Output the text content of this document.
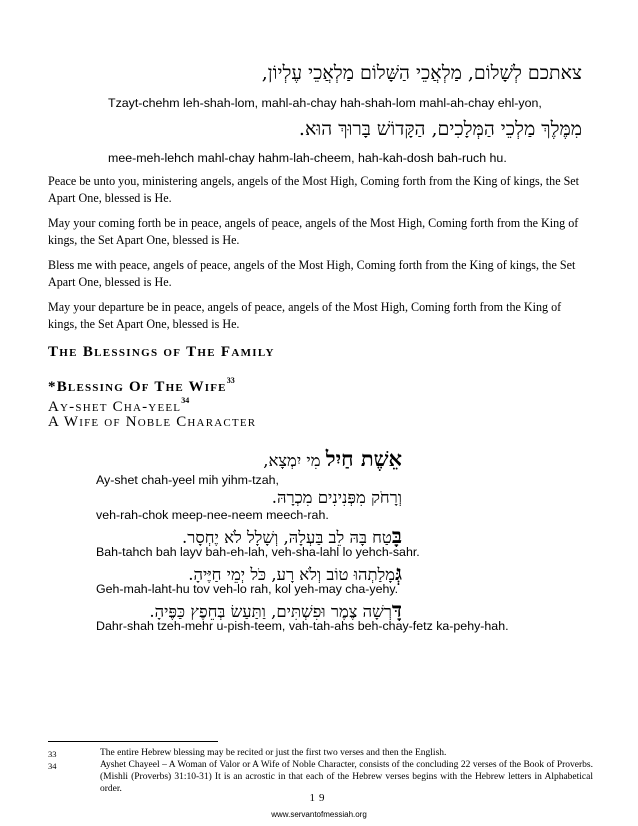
צאתכם לְשָׁלוֹם, מַלְאֲכֵי הַשָּׁלוֹם מַלְאֲכֵי עֶלְיוֹן,
Tzayt-chehm leh-shah-lom, mahl-ah-chay hah-shah-lom mahl-ah-chay ehl-yon,
מִמֶּלֶךְ מַלְכֵי הַמְּלָכִים, הַקָּדוֹשׁ בָּרוּךְ הוּא.
mee-meh-lehch mahl-chay hahm-lah-cheem, hah-kah-dosh bah-ruch hu.
Peace be unto you, ministering angels, angels of the Most High, Coming forth from the King of kings, the Set Apart One, blessed is He.
May your coming forth be in peace, angels of peace, angels of the Most High, Coming forth from the King of kings, the Set Apart One, blessed is He.
Bless me with peace, angels of peace, angels of the Most High, Coming forth from the King of kings, the Set Apart One, blessed is He.
May your departure be in peace, angels of peace, angels of the Most High, Coming forth from the King of kings, the Set Apart One, blessed is He.
The Blessings of The Family
*Blessing Of The Wife$^{33}$
Ay-shet Cha-yeel$^{34}$
A Wife of Noble Character
אֵשֶׁת חַיִל מִי יִמְצָא,
Ay-shet chah-yeel mih yihm-tzah,
וְרָחֹק מִפְּנִינִים מִכְרָהּ.
veh-rah-chok meep-nee-neem meech-rah.
בָּטַח בָּהּ לֵב בַּעְלָהּ, וְשָׁלָל לֹא יֶחְסָר.
Bah-tahch bah layv bah-eh-lah, veh-sha-lahl lo yehch-sahr.
גְּמָלַתְהוּ טוֹב וְלֹא רָע, כֹּל יְמֵי חַיֶּיהָ.
Geh-mah-laht-hu tov veh-lo rah, kol yeh-may cha-yehy.
דָּרְשָׁה צֶמֶר וּפִשְׁתִּים, וַתַּעַשׂ בְּחֵפֶץ כַּפֶּיהָ.
Dahr-shah tzeh-mehr u-pish-teem, vah-tah-ahs beh-chay-fetz ka-pehy-hah.
33	The entire Hebrew blessing may be recited or just the first two verses and then the English.
34	Ayshet Chayeel – A Woman of Valor or A Wife of Noble Character, consists of the concluding 22 verses of the Book of Proverbs. (Mishli (Proverbs) 31:10-31) It is an acrostic in that each of the Hebrew verses begins with the Hebrew letters in Alphabetical order.
19
www.servantofmessiah.org
